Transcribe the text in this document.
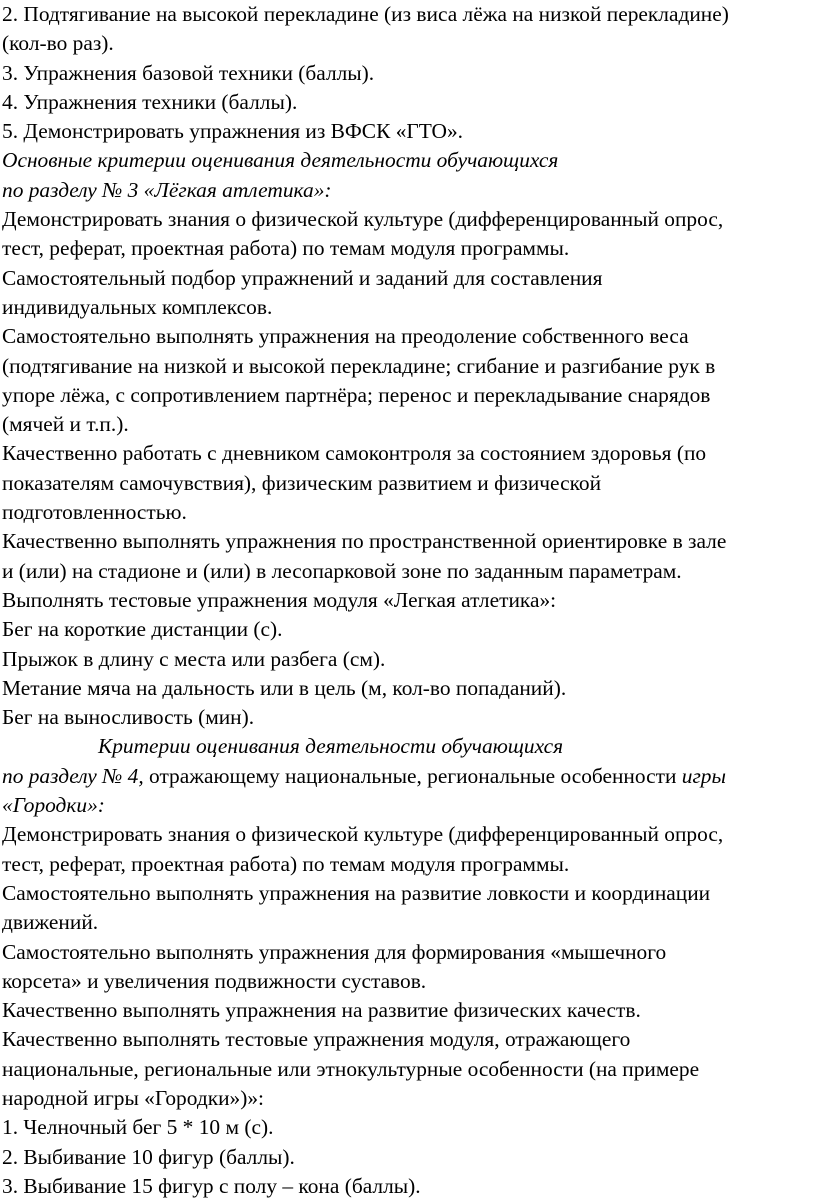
2. Подтягивание на высокой перекладине (из виса лёжа на низкой перекладине)
(кол-во раз).
3. Упражнения базовой техники (баллы).
4. Упражнения техники (баллы).
5. Демонстрировать упражнения из ВФСК «ГТО».
Основные критерии оценивания деятельности обучающихся
по разделу № 3 «Лёгкая атлетика»:
Демонстрировать знания о физической культуре (дифференцированный опрос,
тест, реферат, проектная работа) по темам модуля программы.
Самостоятельный подбор упражнений и заданий для составления
индивидуальных комплексов.
Самостоятельно выполнять упражнения на преодоление собственного веса
(подтягивание на низкой и высокой перекладине; сгибание и разгибание рук в
упоре лёжа, с сопротивлением партнёра; перенос и перекладывание снарядов
(мячей и т.п.).
Качественно работать с дневником самоконтроля за состоянием здоровья (по
показателям самочувствия), физическим развитием и физической
подготовленностью.
Качественно выполнять упражнения по пространственной ориентировке в зале
и (или) на стадионе и (или) в лесопарковой зоне по заданным параметрам.
Выполнять тестовые упражнения модуля «Легкая атлетика»:
Бег на короткие дистанции (с).
Прыжок в длину с места или разбега (см).
Метание мяча на дальность или в цель (м, кол-во попаданий).
Бег на выносливость (мин).
Критерии оценивания деятельности обучающихся
по разделу № 4, отражающему национальные, региональные особенности игры
«Городки»:
Демонстрировать знания о физической культуре (дифференцированный опрос,
тест, реферат, проектная работа) по темам модуля программы.
Самостоятельно выполнять упражнения на развитие ловкости и координации
движений.
Самостоятельно выполнять упражнения для формирования «мышечного
корсета» и увеличения подвижности суставов.
Качественно выполнять упражнения на развитие физических качеств.
Качественно выполнять тестовые упражнения модуля, отражающего
национальные, региональные или этнокультурные особенности (на примере
народной игры «Городки»)»:
1. Челночный бег 5 * 10 м (с).
2. Выбивание 10 фигур (баллы).
3. Выбивание 15 фигур с полу – кона (баллы).
